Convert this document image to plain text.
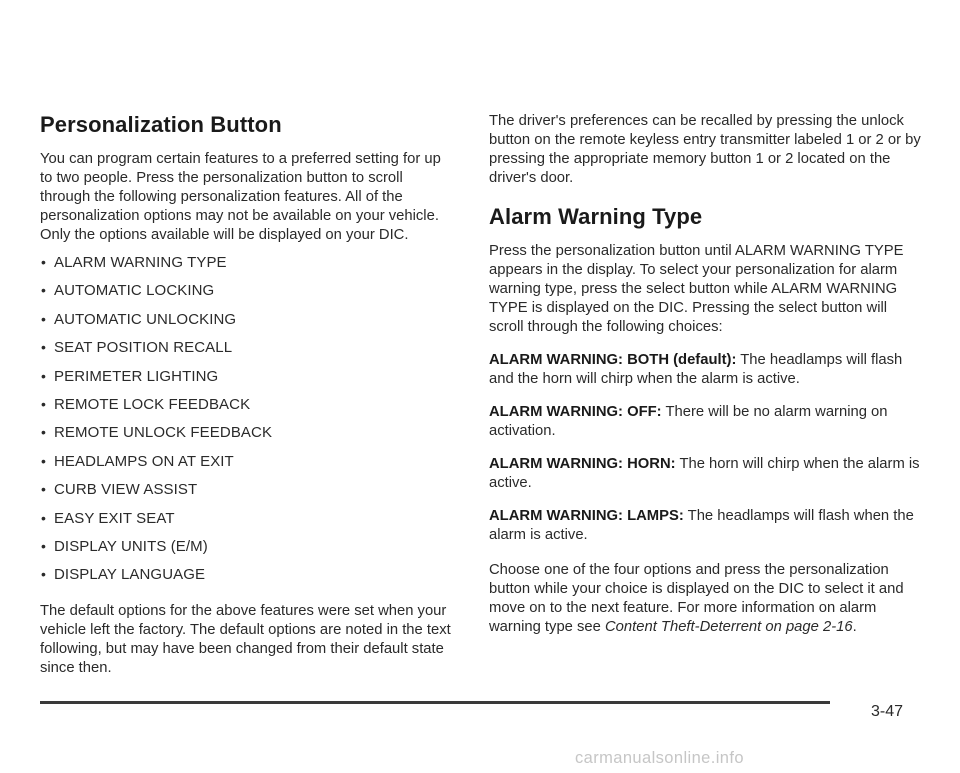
Personalization Button

You can program certain features to a preferred setting for up to two people. Press the personalization button to scroll through the following personalization features. All of the personalization options may not be available on your vehicle. Only the options available will be displayed on your DIC.

• ALARM WARNING TYPE
• AUTOMATIC LOCKING
• AUTOMATIC UNLOCKING
• SEAT POSITION RECALL
• PERIMETER LIGHTING
• REMOTE LOCK FEEDBACK
• REMOTE UNLOCK FEEDBACK
• HEADLAMPS ON AT EXIT
• CURB VIEW ASSIST
• EASY EXIT SEAT
• DISPLAY UNITS (E/M)
• DISPLAY LANGUAGE

The default options for the above features were set when your vehicle left the factory. The default options are noted in the text following, but may have been changed from their default state since then.

The driver's preferences can be recalled by pressing the unlock button on the remote keyless entry transmitter labeled 1 or 2 or by pressing the appropriate memory button 1 or 2 located on the driver's door.

Alarm Warning Type

Press the personalization button until ALARM WARNING TYPE appears in the display. To select your personalization for alarm warning type, press the select button while ALARM WARNING TYPE is displayed on the DIC. Pressing the select button will scroll through the following choices:

ALARM WARNING: BOTH (default): The headlamps will flash and the horn will chirp when the alarm is active.

ALARM WARNING: OFF: There will be no alarm warning on activation.

ALARM WARNING: HORN: The horn will chirp when the alarm is active.

ALARM WARNING: LAMPS: The headlamps will flash when the alarm is active.

Choose one of the four options and press the personalization button while your choice is displayed on the DIC to select it and move on to the next feature. For more information on alarm warning type see Content Theft-Deterrent on page 2-16.

3-47
carmanualsonline.info
